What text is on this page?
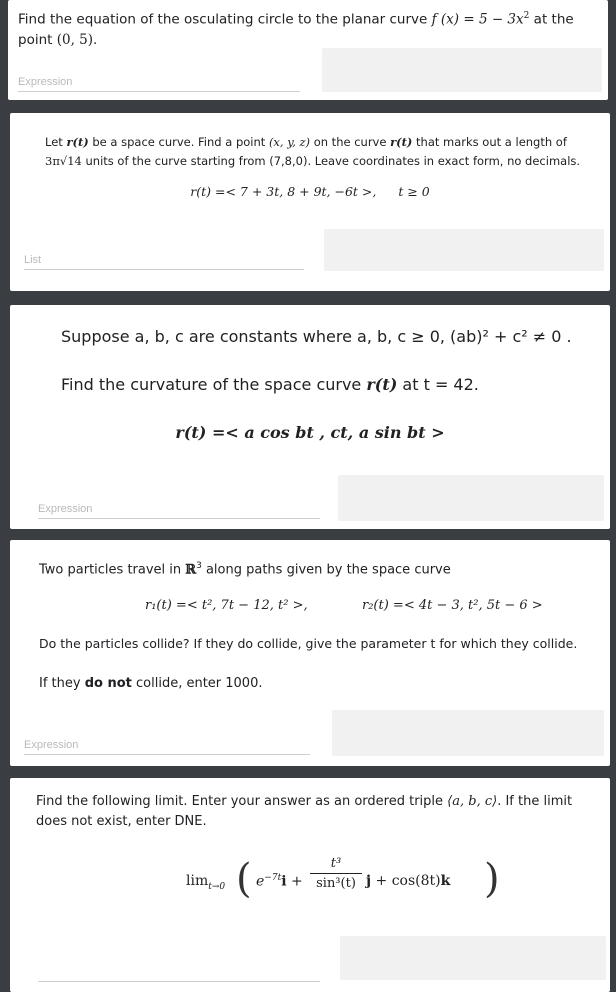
Find the equation of the osculating circle to the planar curve f $(x) = 5 - 3x^2$ at the point (0, 5).
Expression
Let r(t) be a space curve. Find a point (x, y, z) on the curve r(t) that marks out a length of
3π√14 units of the curve starting from (7,8,0). Leave coordinates in exact form, no decimals.
r(t) =< 7 + 3t, 8 + 9t, −6t >, t ≥ 0
List
Suppose a, b, c are constants where a, b, c ≥ 0, (ab)² + c² ≠ 0 .
Find the curvature of the space curve r(t) at t = 42.
r(t) =< a cos bt , ct, a sin bt >
Expression
Two particles travel in ℝ$^3$ along paths given by the space curve
r₁(t) =< t², 7t − 12, t² >,	r₂(t) =< 4t − 3, t², 5t − 6 >
Do the particles collide? If they do collide, give the parameter t for which they collide.
If they do not collide, enter 1000.
Expression
Find the following limit. Enter your answer as an ordered triple ⟨a, b, c⟩. If the limit
does not exist, enter DNE.
$\lim_{t\to 0}$ ( $e^{-7t}i$ +
t³
sin³(t) j + cos(8t)k )
